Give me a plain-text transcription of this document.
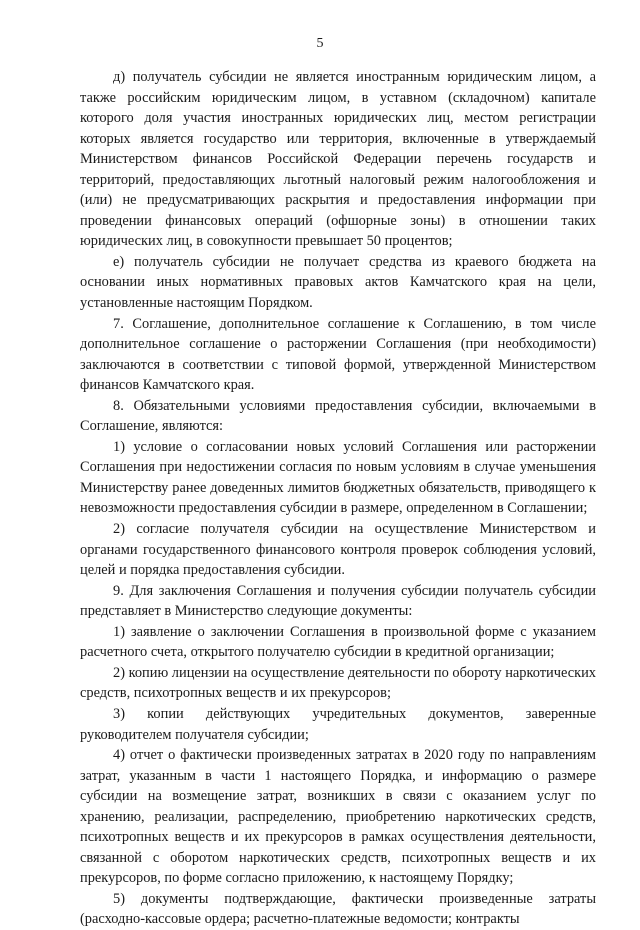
5

д) получатель субсидии не является иностранным юридическим лицом, а также российским юридическим лицом, в уставном (складочном) капитале которого доля участия иностранных юридических лиц, местом регистрации которых является государство или территория, включенные в утверждаемый Министерством финансов Российской Федерации перечень государств и территорий, предоставляющих льготный налоговый режим налогообложения и (или) не предусматривающих раскрытия и предоставления информации при проведении финансовых операций (офшорные зоны) в отношении таких юридических лиц, в совокупности превышает 50 процентов;

е) получатель субсидии не получает средства из краевого бюджета на основании иных нормативных правовых актов Камчатского края на цели, установленные настоящим Порядком.

7. Соглашение, дополнительное соглашение к Соглашению, в том числе дополнительное соглашение о расторжении Соглашения (при необходимости) заключаются в соответствии с типовой формой, утвержденной Министерством финансов Камчатского края.

8. Обязательными условиями предоставления субсидии, включаемыми в Соглашение, являются:

1) условие о согласовании новых условий Соглашения или расторжении Соглашения при недостижении согласия по новым условиям в случае уменьшения Министерству ранее доведенных лимитов бюджетных обязательств, приводящего к невозможности предоставления субсидии в размере, определенном в Соглашении;

2) согласие получателя субсидии на осуществление Министерством и органами государственного финансового контроля проверок соблюдения условий, целей и порядка предоставления субсидии.

9. Для заключения Соглашения и получения субсидии получатель субсидии представляет в Министерство следующие документы:

1) заявление о заключении Соглашения в произвольной форме с указанием расчетного счета, открытого получателю субсидии в кредитной организации;

2) копию лицензии на осуществление деятельности по обороту наркотических средств, психотропных веществ и их прекурсоров;

3) копии действующих учредительных документов, заверенные руководителем получателя субсидии;

4) отчет о фактически произведенных затратах в 2020 году по направлениям затрат, указанным в части 1 настоящего Порядка, и информацию о размере субсидии на возмещение затрат, возникших в связи с оказанием услуг по хранению, реализации, распределению, приобретению наркотических средств, психотропных веществ и их прекурсоров в рамках осуществления деятельности, связанной с оборотом наркотических средств, психотропных веществ и их прекурсоров, по форме согласно приложению, к настоящему Порядку;

5) документы подтверждающие, фактически произведенные затраты (расходно-кассовые ордера; расчетно-платежные ведомости; контракты
